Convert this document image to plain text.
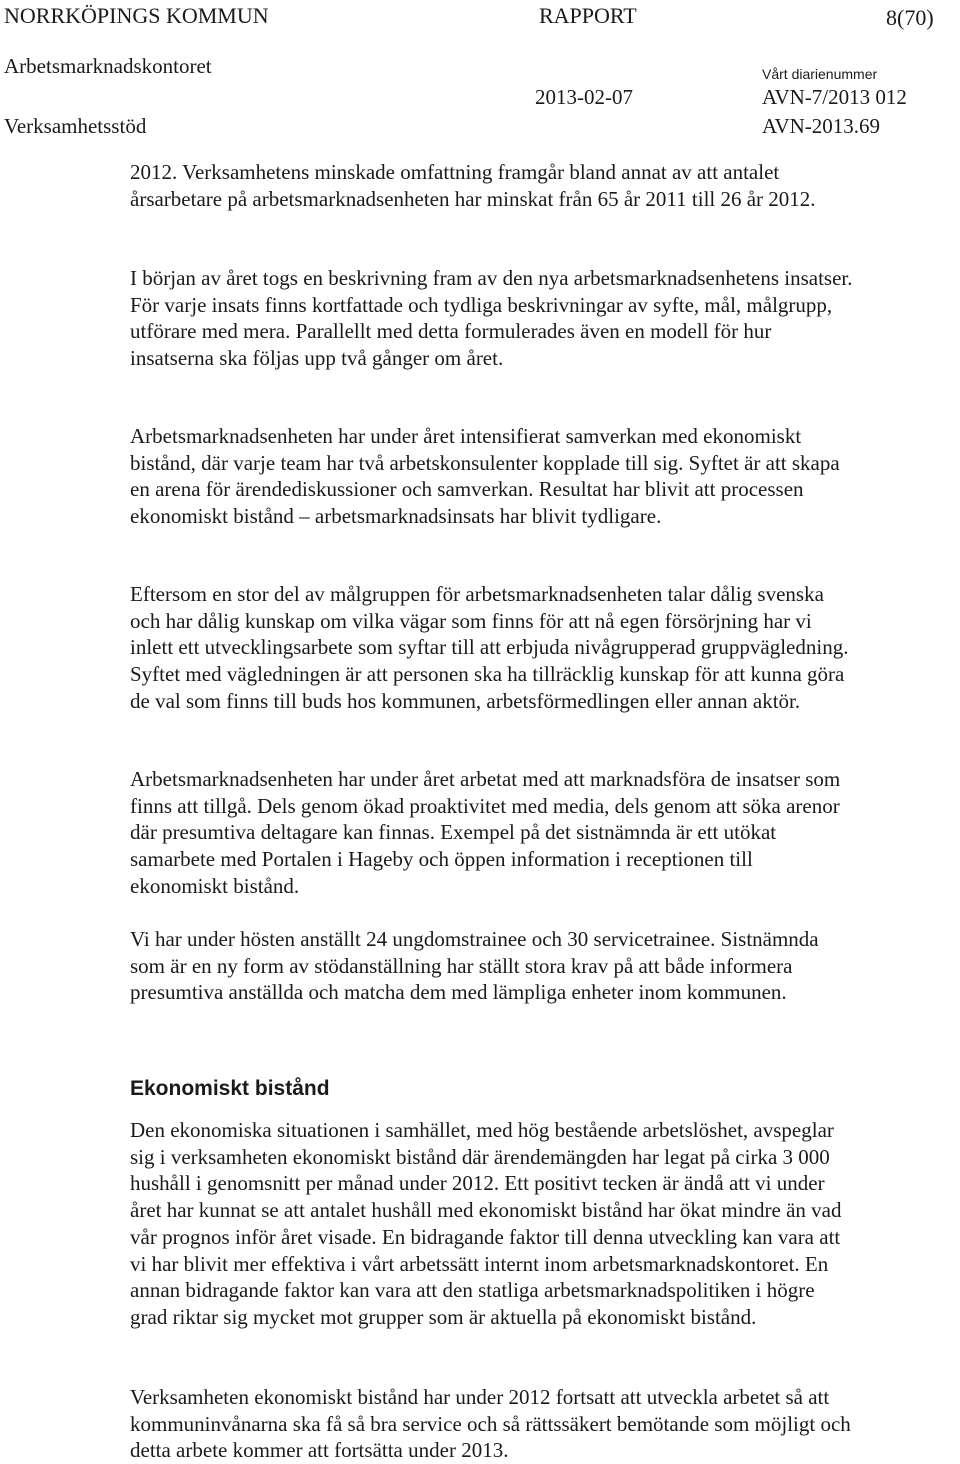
NORRKÖPINGS KOMMUN	RAPPORT	8(70)
Arbetsmarknadskontoret	Vårt diarienummer
2013-02-07	AVN-7/2013 012
Verksamhetsstöd	AVN-2013.69

2012. Verksamhetens minskade omfattning framgår bland annat av att antalet årsarbetare på arbetsmarknadsenheten har minskat från 65 år 2011 till 26 år 2012.

I början av året togs en beskrivning fram av den nya arbetsmarknadsenhetens insatser. För varje insats finns kortfattade och tydliga beskrivningar av syfte, mål, målgrupp, utförare med mera. Parallellt med detta formulerades även en modell för hur insatserna ska följas upp två gånger om året.

Arbetsmarknadsenheten har under året intensifierat samverkan med ekonomiskt bistånd, där varje team har två arbetskonsulenter kopplade till sig. Syftet är att skapa en arena för ärendediskussioner och samverkan. Resultat har blivit att processen ekonomiskt bistånd – arbetsmarknadsinsats har blivit tydligare.

Eftersom en stor del av målgruppen för arbetsmarknadsenheten talar dålig svenska och har dålig kunskap om vilka vägar som finns för att nå egen försörjning har vi inlett ett utvecklingsarbete som syftar till att erbjuda nivågrupperad gruppvägledning. Syftet med vägledningen är att personen ska ha tillräcklig kunskap för att kunna göra de val som finns till buds hos kommunen, arbetsförmedlingen eller annan aktör.

Arbetsmarknadsenheten har under året arbetat med att marknadsföra de insatser som finns att tillgå. Dels genom ökad proaktivitet med media, dels genom att söka arenor där presumtiva deltagare kan finnas. Exempel på det sistnämnda är ett utökat samarbete med Portalen i Hageby och öppen information i receptionen till ekonomiskt bistånd.

Vi har under hösten anställt 24 ungdomstrainee och 30 servicetrainee. Sistnämnda som är en ny form av stödanställning har ställt stora krav på att både informera presumtiva anställda och matcha dem med lämpliga enheter inom kommunen.

Ekonomiskt bistånd

Den ekonomiska situationen i samhället, med hög bestående arbetslöshet, avspeglar sig i verksamheten ekonomiskt bistånd där ärendemängden har legat på cirka 3 000 hushåll i genomsnitt per månad under 2012. Ett positivt tecken är ändå att vi under året har kunnat se att antalet hushåll med ekonomiskt bistånd har ökat mindre än vad vår prognos inför året visade. En bidragande faktor till denna utveckling kan vara att vi har blivit mer effektiva i vårt arbetssätt internt inom arbetsmarknadskontoret. En annan bidragande faktor kan vara att den statliga arbetsmarknadspolitiken i högre grad riktar sig mycket mot grupper som är aktuella på ekonomiskt bistånd.

Verksamheten ekonomiskt bistånd har under 2012 fortsatt att utveckla arbetet så att kommuninvånarna ska få så bra service och så rättssäkert bemötande som möjligt och detta arbete kommer att fortsätta under 2013.
